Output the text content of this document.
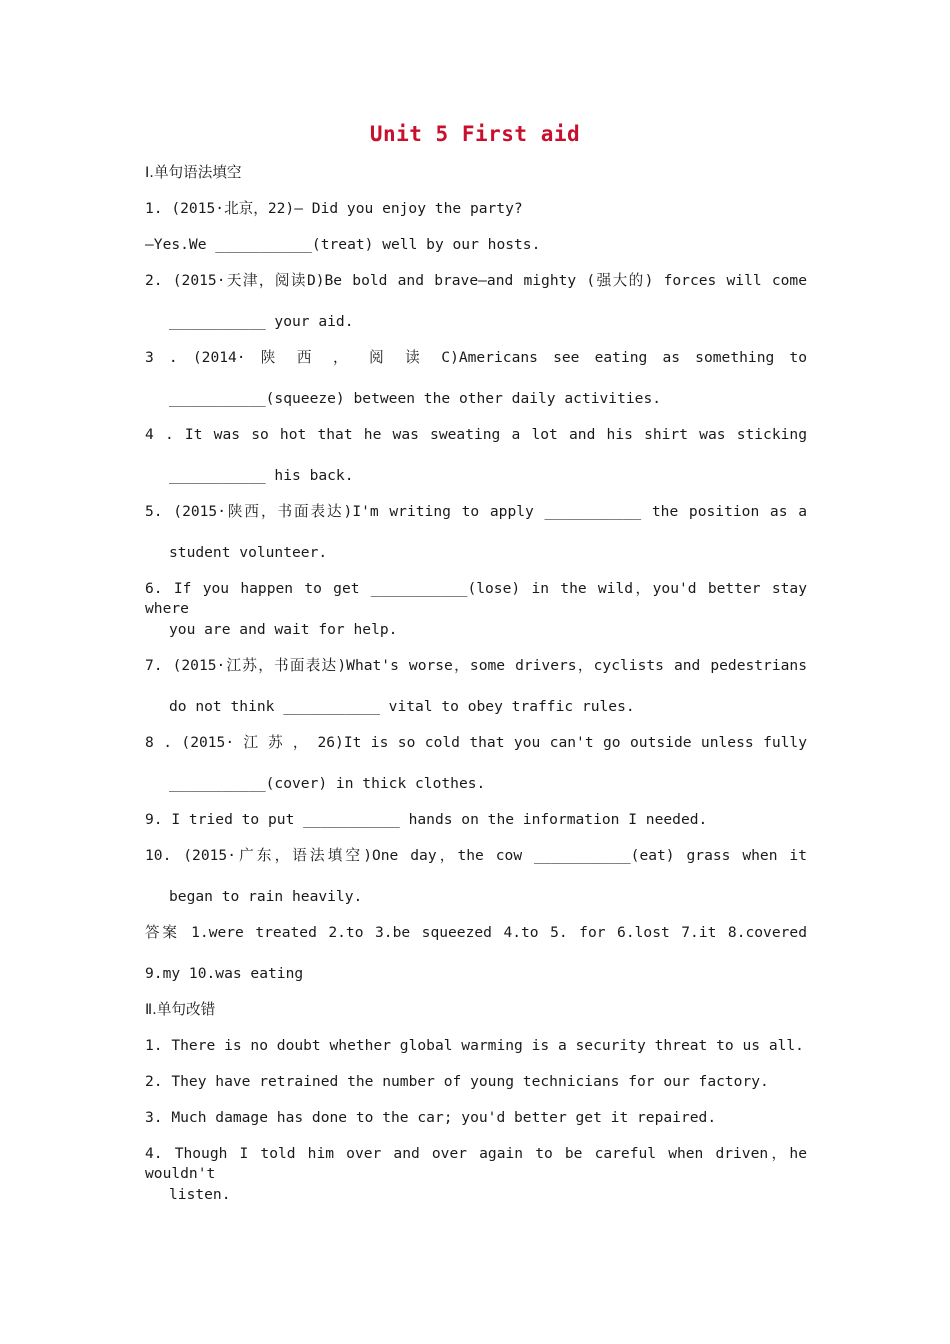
Unit 5 First aid
Ⅰ.单句语法填空
1. (2015·北京，22)— Did you enjoy the party?
—Yes.We ___________(treat) well by our hosts.
2. (2015·天津，阅读D)Be bold and brave—and mighty (强大的) forces will come
___________ your aid.
3 . (2014· 陕 西 ， 阅 读 C)Americans see eating as something to
___________(squeeze) between the other daily activities.
4 . It was so hot that he was sweating a lot and his shirt was sticking
___________ his back.
5. (2015·陕西，书面表达)I'm writing to apply ___________ the position as a
student volunteer.
6. If you happen to get ___________(lose) in the wild，you'd better stay where
you are and wait for help.
7. (2015·江苏，书面表达)What's worse，some drivers，cyclists and pedestrians
do not think ___________ vital to obey traffic rules.
8 . (2015· 江 苏 ， 26)It is so cold that you can't go outside unless fully
___________(cover) in thick clothes.
9. I tried to put ___________ hands on the information I needed.
10. (2015·广东，语法填空)One day，the cow ___________(eat) grass when it
began to rain heavily.
答案 1.were treated 2.to 3.be squeezed 4.to 5. for 6.lost 7.it 8.covered
9.my 10.was eating
Ⅱ.单句改错
1. There is no doubt whether global warming is a security threat to us all.
2. They have retrained the number of young technicians for our factory.
3. Much damage has done to the car; you'd better get it repaired.
4. Though I told him over and over again to be careful when driven，he wouldn't
listen.
